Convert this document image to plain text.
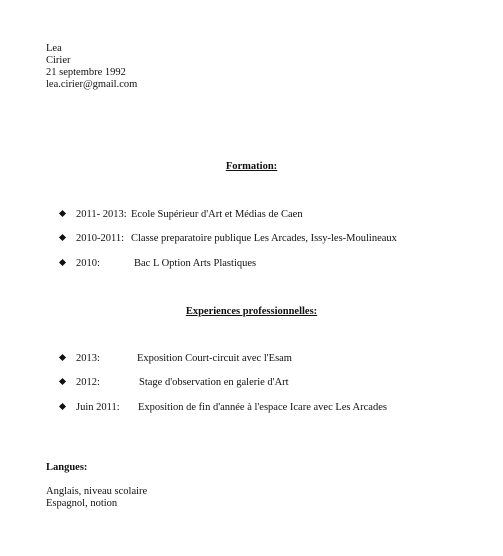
Lea
Cirier
21 septembre 1992
lea.cirier@gmail.com
Formation:
2011- 2013: Ecole Supérieur d'Art et Médias de Caen
2010-2011: Classe preparatoire publique Les Arcades, Issy-les-Moulineaux
2010:	Bac L Option Arts Plastiques
Experiences professionnelles:
2013:	Exposition Court-circuit avec l'Esam
2012:	Stage d'observation en galerie d'Art
Juin 2011: Exposition de fin d'année à l'espace Icare avec Les Arcades
Langues:
Anglais, niveau scolaire
Espagnol, notion
